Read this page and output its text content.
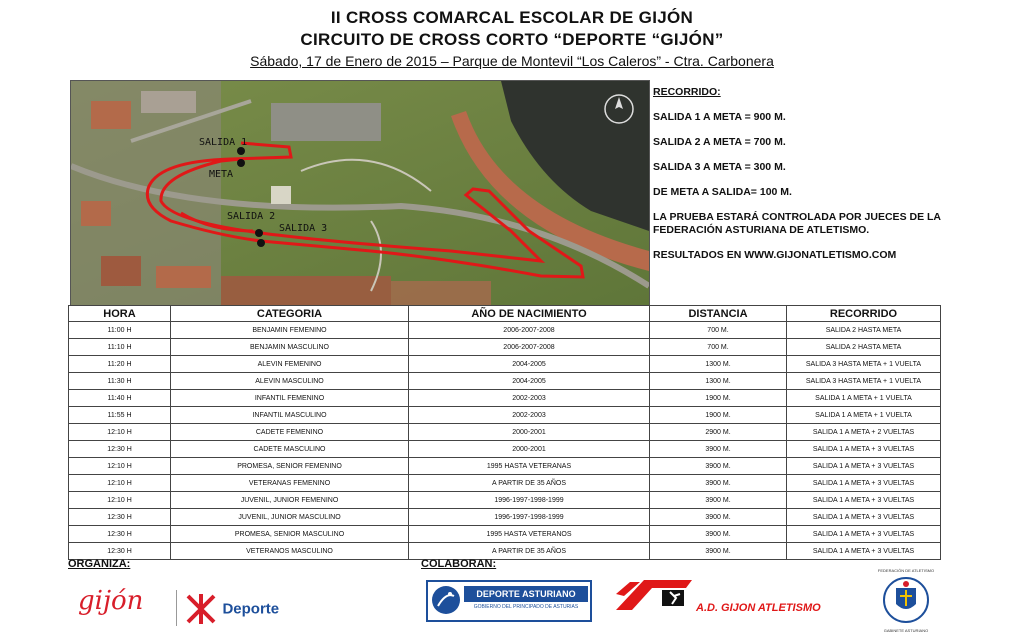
II CROSS COMARCAL ESCOLAR DE GIJÓN
CIRCUITO DE CROSS CORTO “DEPORTE “GIJÓN”
Sábado, 17 de Enero de 2015 – Parque de Montevil “Los Caleros” - Ctra. Carbonera
SALIDA 1
META
SALIDA 2
SALIDA 3
RECORRIDO:
SALIDA 1 A META = 900 M.
SALIDA 2 A META = 700 M.
SALIDA 3 A META = 300 M.
DE META A SALIDA= 100 M.
LA PRUEBA ESTARÁ CONTROLADA POR JUECES DE LA FEDERACIÓN ASTURIANA DE ATLETISMO.
RESULTADOS EN WWW.GIJONATLETISMO.COM
HORA	CATEGORIA	AÑO DE NACIMIENTO	DISTANCIA	RECORRIDO
11:00 H	BENJAMIN FEMENINO	2006-2007-2008	700 M.	SALIDA 2 HASTA META
11:10 H	BENJAMIN MASCULINO	2006-2007-2008	700 M.	SALIDA 2 HASTA META
11:20 H	ALEVIN FEMENINO	2004-2005	1300 M.	SALIDA 3 HASTA META + 1 VUELTA
11:30 H	ALEVIN MASCULINO	2004-2005	1300 M.	SALIDA 3 HASTA META + 1 VUELTA
11:40 H	INFANTIL FEMENINO	2002-2003	1900 M.	SALIDA 1 A META + 1 VUELTA
11:55 H	INFANTIL MASCULINO	2002-2003	1900 M.	SALIDA 1 A META + 1 VUELTA
12:10 H	CADETE FEMENINO	2000-2001	2900 M.	SALIDA 1 A META + 2 VUELTAS
12:30 H	CADETE MASCULINO	2000-2001	3900 M.	SALIDA 1 A META + 3 VUELTAS
12:10 H	PROMESA, SENIOR FEMENINO	1995 HASTA VETERANAS	3900 M.	SALIDA 1 A META + 3 VUELTAS
12:10 H	VETERANAS FEMENINO	A PARTIR DE 35 AÑOS	3900 M.	SALIDA 1 A META + 3 VUELTAS
12:10 H	JUVENIL, JUNIOR FEMENINO	1996-1997-1998-1999	3900 M.	SALIDA 1 A META + 3 VUELTAS
12:30 H	JUVENIL, JUNIOR MASCULINO	1996-1997-1998-1999	3900 M.	SALIDA 1 A META + 3 VUELTAS
12:30 H	PROMESA, SENIOR MASCULINO	1995 HASTA VETERANOS	3900 M.	SALIDA 1 A META + 3 VUELTAS
12:30 H	VETERANOS MASCULINO	A PARTIR DE 35 AÑOS	3900 M.	SALIDA 1 A META + 3 VUELTAS
ORGANIZA:	COLABORAN:
gijón	Deporte
DEPORTE ASTURIANO
GOBIERNO DEL PRINCIPADO DE ASTURIAS	A.D. GIJON ATLETISMO
FEDERACIÓN DE ATLETISMO
GABINETE ASTURIANO
